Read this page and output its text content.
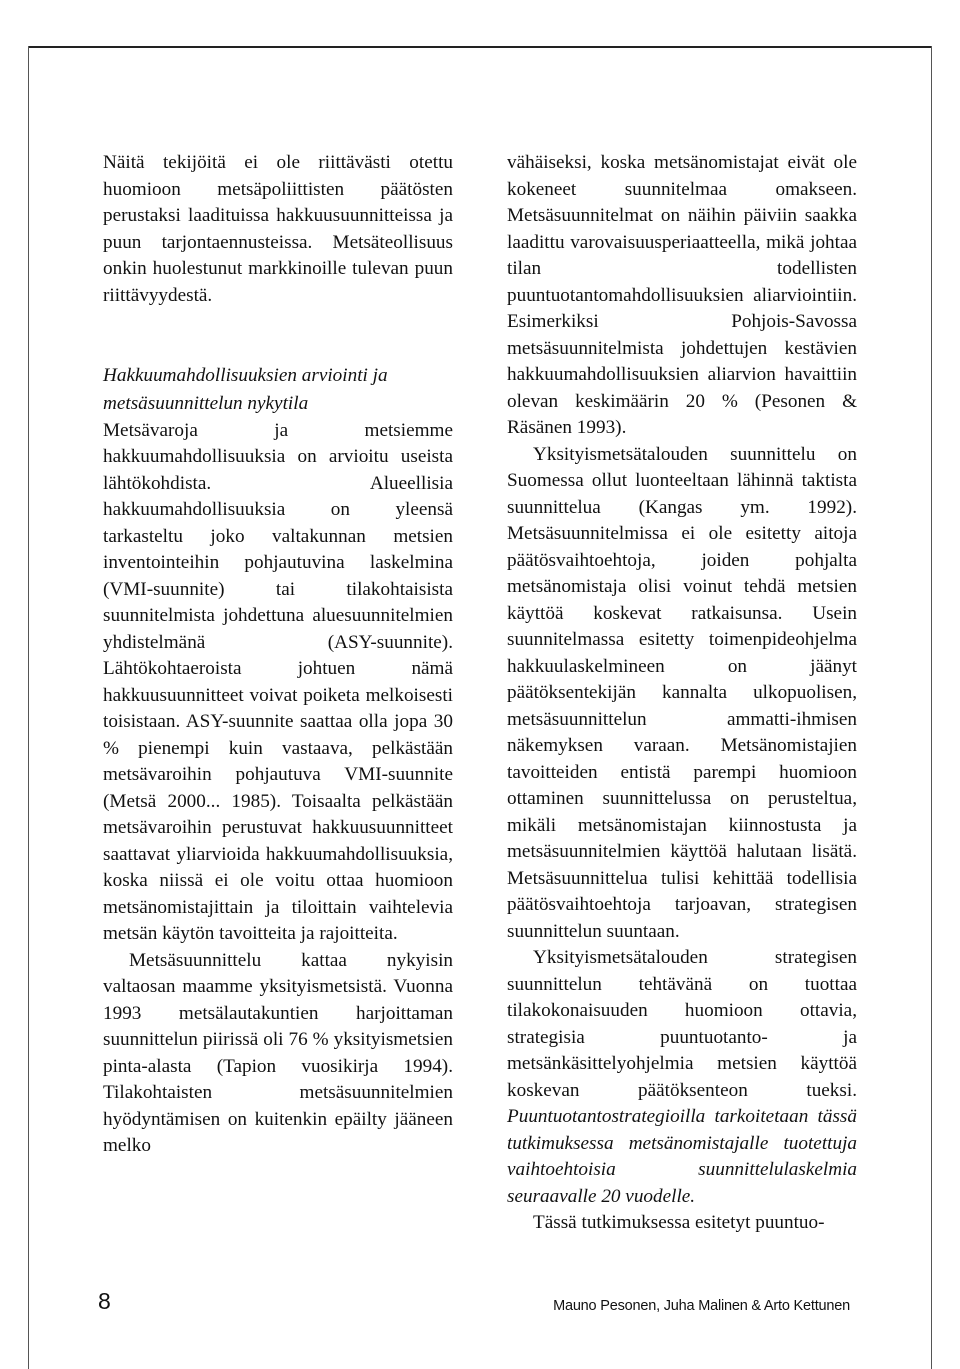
Näitä tekijöitä ei ole riittävästi otettu huomioon metsäpoliittisten päätösten perustaksi laadituissa hakkuusuunnitteissa ja puun tarjontaennusteissa. Metsäteollisuus onkin huolestunut markkinoille tulevan puun riittävyydestä.

Hakkuumahdollisuuksien arviointi ja metsäsuunnittelun nykytila

Metsävaroja ja metsiemme hakkuumahdollisuuksia on arvioitu useista lähtökohdista. Alueellisia hakkuumahdollisuuksia on yleensä tarkasteltu joko valtakunnan metsien inventointeihin pohjautuvina laskelmina (VMI-suunnite) tai tilakohtaisista suunnitelmista johdettuna aluesuunnitelmien yhdistelmänä (ASY-suunnite). Lähtökohtaeroista johtuen nämä hakkuusuunnitteet voivat poiketa melkoisesti toisistaan. ASY-suunnite saattaa olla jopa 30 % pienempi kuin vastaava, pelkästään metsävaroihin pohjautuva VMI-suunnite (Metsä 2000... 1985). Toisaalta pelkästään metsävaroihin perustuvat hakkuusuunnitteet saattavat yliarvioida hakkuumahdollisuuksia, koska niissä ei ole voitu ottaa huomioon metsänomistajittain ja tiloittain vaihtelevia metsän käytön tavoitteita ja rajoitteita.

Metsäsuunnittelu kattaa nykyisin valtaosan maamme yksityismetsistä. Vuonna 1993 metsälautakuntien harjoittaman suunnittelun piirissä oli 76 % yksityismetsien pinta-alasta (Tapion vuosikirja 1994). Tilakohtaisten metsäsuunnitelmien hyödyntämisen on kuitenkin epäilty jääneen melko

vähäiseksi, koska metsänomistajat eivät ole kokeneet suunnitelmaa omakseen. Metsäsuunnitelmat on näihin päiviin saakka laadittu varovaisuusperiaatteella, mikä johtaa tilan todellisten puuntuotantomahdollisuuksien aliarviointiin. Esimerkiksi Pohjois-Savossa metsäsuunnitelmista johdettujen kestävien hakkuumahdollisuuksien aliarvion havaittiin olevan keskimäärin 20 % (Pesonen & Räsänen 1993).

Yksityismetsätalouden suunnittelu on Suomessa ollut luonteeltaan lähinnä taktista suunnittelua (Kangas ym. 1992). Metsäsuunnitelmissa ei ole esitetty aitoja päätösvaihtoehtoja, joiden pohjalta metsänomistaja olisi voinut tehdä metsien käyttöä koskevat ratkaisunsa. Usein suunnitelmassa esitetty toimenpideohjelma hakkuulaskelmineen on jäänyt päätöksentekijän kannalta ulkopuolisen, metsäsuunnittelun ammatti-ihmisen näkemyksen varaan. Metsänomistajien tavoitteiden entistä parempi huomioon ottaminen suunnittelussa on perusteltua, mikäli metsänomistajan kiinnostusta ja metsäsuunnitelmien käyttöä halutaan lisätä. Metsäsuunnittelua tulisi kehittää todellisia päätösvaihtoehtoja tarjoavan, strategisen suunnittelun suuntaan.

Yksityismetsätalouden strategisen suunnittelun tehtävänä on tuottaa tilakokonaisuuden huomioon ottavia, strategisia puuntuotanto- ja metsänkäsittelyohjelmia metsien käyttöä koskevan päätöksenteon tueksi. Puuntuotantostrategioilla tarkoitetaan tässä tutkimuksessa metsänomistajalle tuotettuja vaihtoehtoisia suunnittelulaskelmia seuraavalle 20 vuodelle.

Tässä tutkimuksessa esitetyt puuntuo-

8	Mauno Pesonen, Juha Malinen & Arto Kettunen
